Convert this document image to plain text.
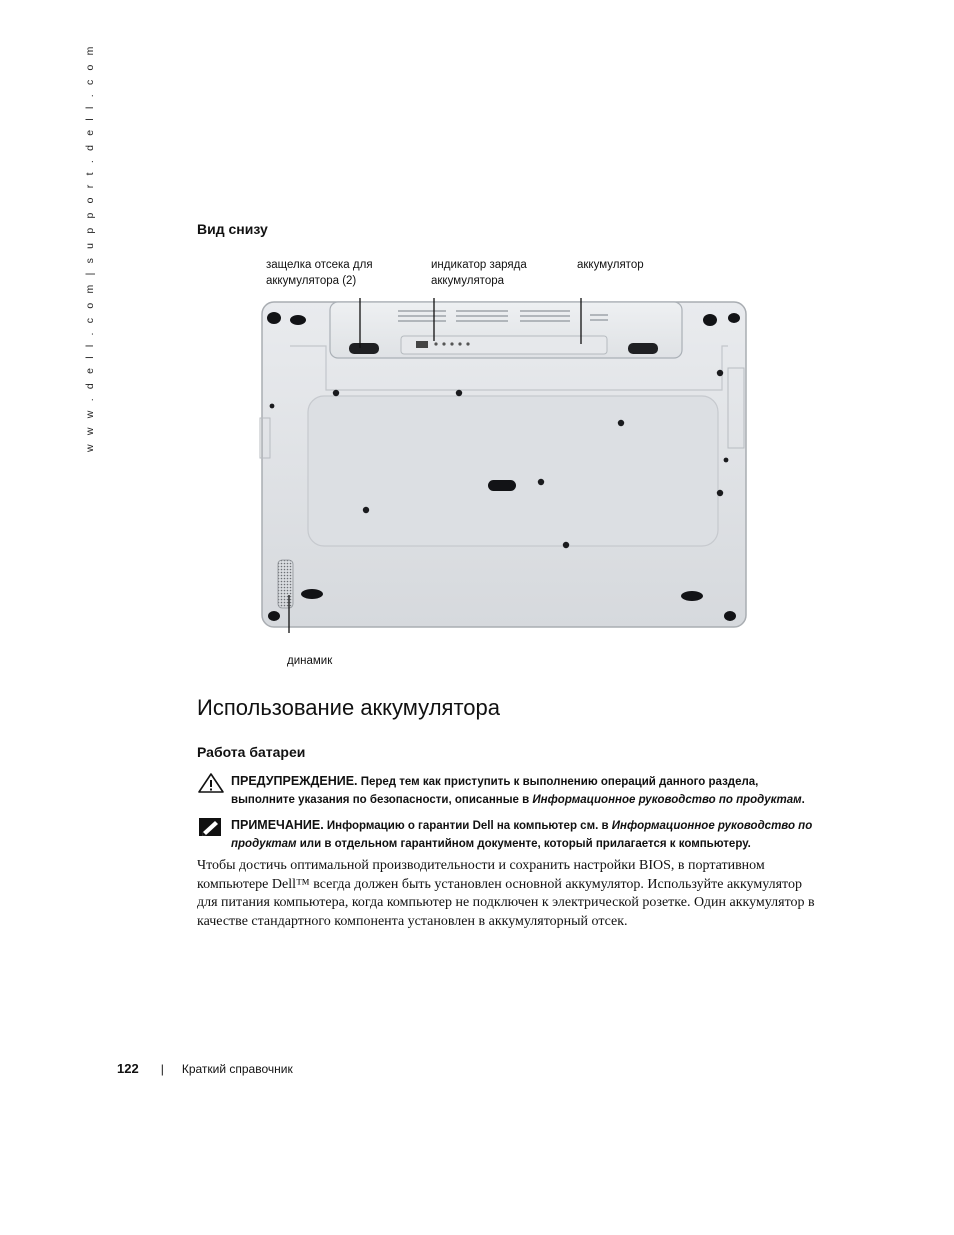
w w w . d e l l . c o m | s u p p o r t . d e l l . c o m	Вид снизу
защелка отсека для
аккумулятора (2)
индикатор заряда
аккумулятора
аккумулятор
динамик
Использование аккумулятора
Работа батареи
ПРЕДУПРЕЖДЕНИЕ. Перед тем как приступить к выполнению операций данного раздела, выполните указания по безопасности, описанные в Информационное руководство по продуктам.
ПРИМЕЧАНИЕ. Информацию о гарантии Dell на компьютер см. в Информационное руководство по продуктам или в отдельном гарантийном документе, который прилагается к компьютеру.
Чтобы достичь оптимальной производительности и сохранить настройки BIOS, в портативном компьютере Dell™ всегда должен быть установлен основной аккумулятор. Используйте аккумулятор для питания компьютера, когда компьютер не подключен к электрической розетке. Один аккумулятор в качестве стандартного компонента установлен в аккумуляторный отсек.
122 | Краткий справочник
